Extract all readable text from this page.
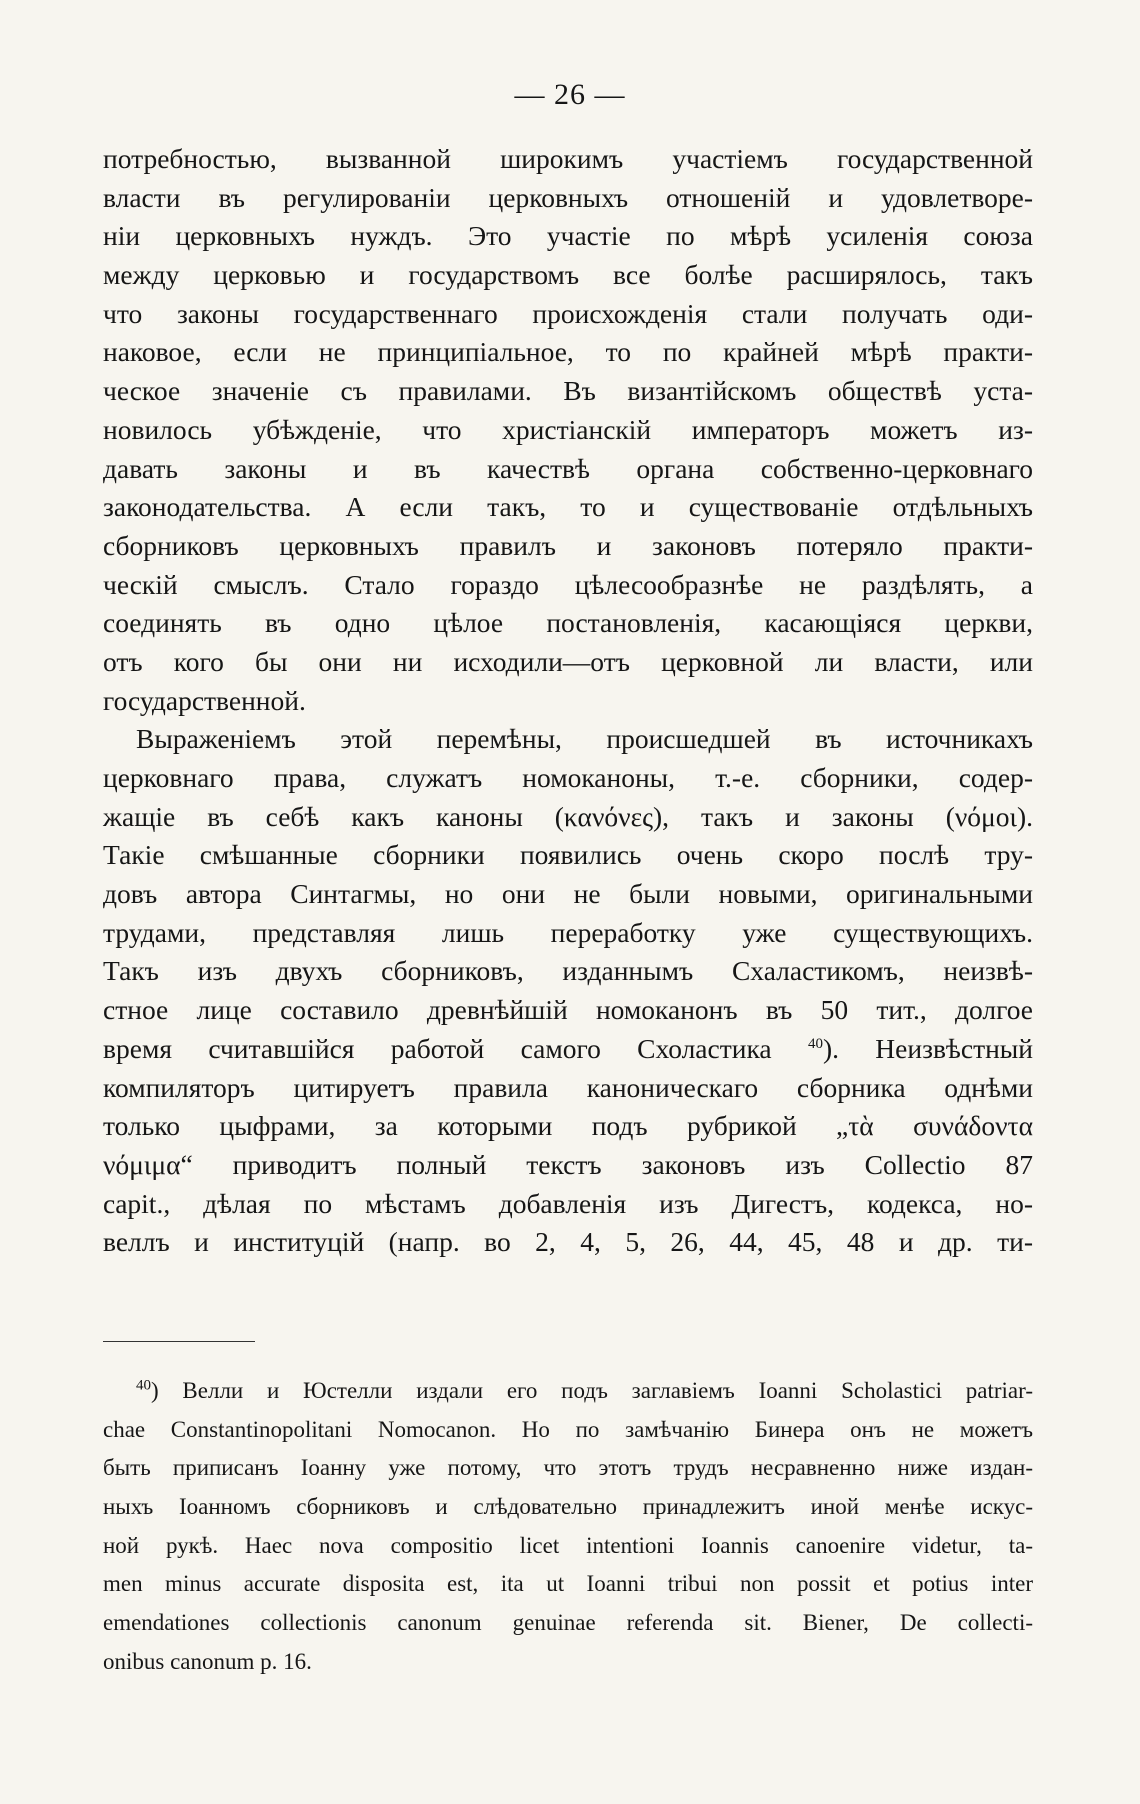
— 26 —
потребностью, вызванной широкимъ участіемъ государственной
власти въ регулированіи церковныхъ отношеній и удовлетворе-
ніи церковныхъ нуждъ. Это участіе по мѣрѣ усиленія союза
между церковью и государствомъ все болѣе расширялось, такъ
что законы государственнаго происхожденія стали получать оди-
наковое, если не принципіальное, то по крайней мѣрѣ практи-
ческое значеніе съ правилами. Въ византійскомъ обществѣ уста-
новилось убѣжденіе, что христіанскій императоръ можетъ из-
давать законы и въ качествѣ органа собственно-церковнаго
законодательства. А если такъ, то и существованіе отдѣльныхъ
сборниковъ церковныхъ правилъ и законовъ потеряло практи-
ческій смыслъ. Стало гораздо цѣлесообразнѣе не раздѣлять, а
соединять въ одно цѣлое постановленія, касающіяся церкви,
отъ кого бы они ни исходили—отъ церковной ли власти, или
государственной.
Выраженіемъ этой перемѣны, происшедшей въ источникахъ
церковнаго права, служатъ номоканоны, т.-е. сборники, содер-
жащіе въ себѣ какъ каноны (κανόνες), такъ и законы (νόμοι).
Такіе смѣшанные сборники появились очень скоро послѣ тру-
довъ автора Синтагмы, но они не были новыми, оригинальными
трудами, представляя лишь переработку уже существующихъ.
Такъ изъ двухъ сборниковъ, изданнымъ Схаластикомъ, неизвѣ-
стное лице составило древнѣйшій номоканонъ въ 50 тит., долгое
время считавшійся работой самого Схоластика $^{40}$). Неизвѣстный
компиляторъ цитируетъ правила каноническаго сборника однѣми
только цыфрами, за которыми подъ рубрикой „τὰ συνάδοντα
νόμιμα“ приводитъ полный текстъ законовъ изъ Collectio 87
capit., дѣлая по мѣстамъ добавленія изъ Дигестъ, кодекса, но-
веллъ и институцій (напр. во 2, 4, 5, 26, 44, 45, 48 и др. ти-
$^{40}$) Велли и Юстелли издали его подъ заглавіемъ Ioanni Scholastici patriar-
chae Constantinopolitani Nomocanon. Но по замѣчанію Бинера онъ не можетъ
быть приписанъ Іоанну уже потому, что этотъ трудъ несравненно ниже издан-
ныхъ Іоанномъ сборниковъ и слѣдовательно принадлежитъ иной менѣе искус-
ной рукѣ. Haec nova compositio licet intentioni Ioannis canoenire videtur, ta-
men minus accurate disposita est, ita ut Ioanni tribui non possit et potius inter
emendationes collectionis canonum genuinae referenda sit. Biener, De collecti-
onibus canonum p. 16.
